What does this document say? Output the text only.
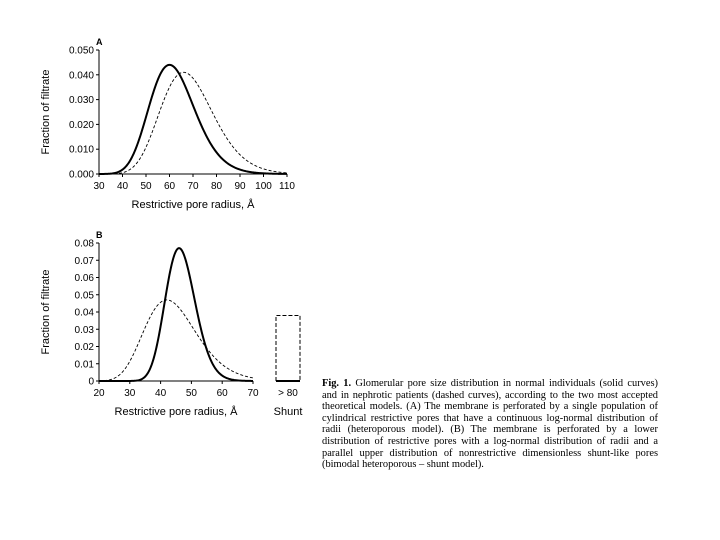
0.000
0.010
0.020
0.030
0.040
0.050
30 40 50 60 70 80 90 100 110
A
Restrictive pore radius, Å
Fraction of filtrate
0
0.01
0.02
0.03
0.04
0.05
0.06
0.07
0.08
20 30 40 50 60 70
B
Restrictive pore radius, Å
Fraction of filtrate
> 80
Shunt
Fig. 1. Glomerular pore size distribution in normal individuals (solid curves) and in nephrotic patients (dashed curves), according to the two most accepted theoretical models. (A) The membrane is perforated by a single population of cylindrical restrictive pores that have a continuous log-normal distribution of radii (heteroporous model). (B) The membrane is perforated by a lower distribution of restrictive pores with a log-normal distribution of radii and a parallel upper distribution of nonrestrictive dimensionless shunt-like pores (bimodal heteroporous – shunt model).
